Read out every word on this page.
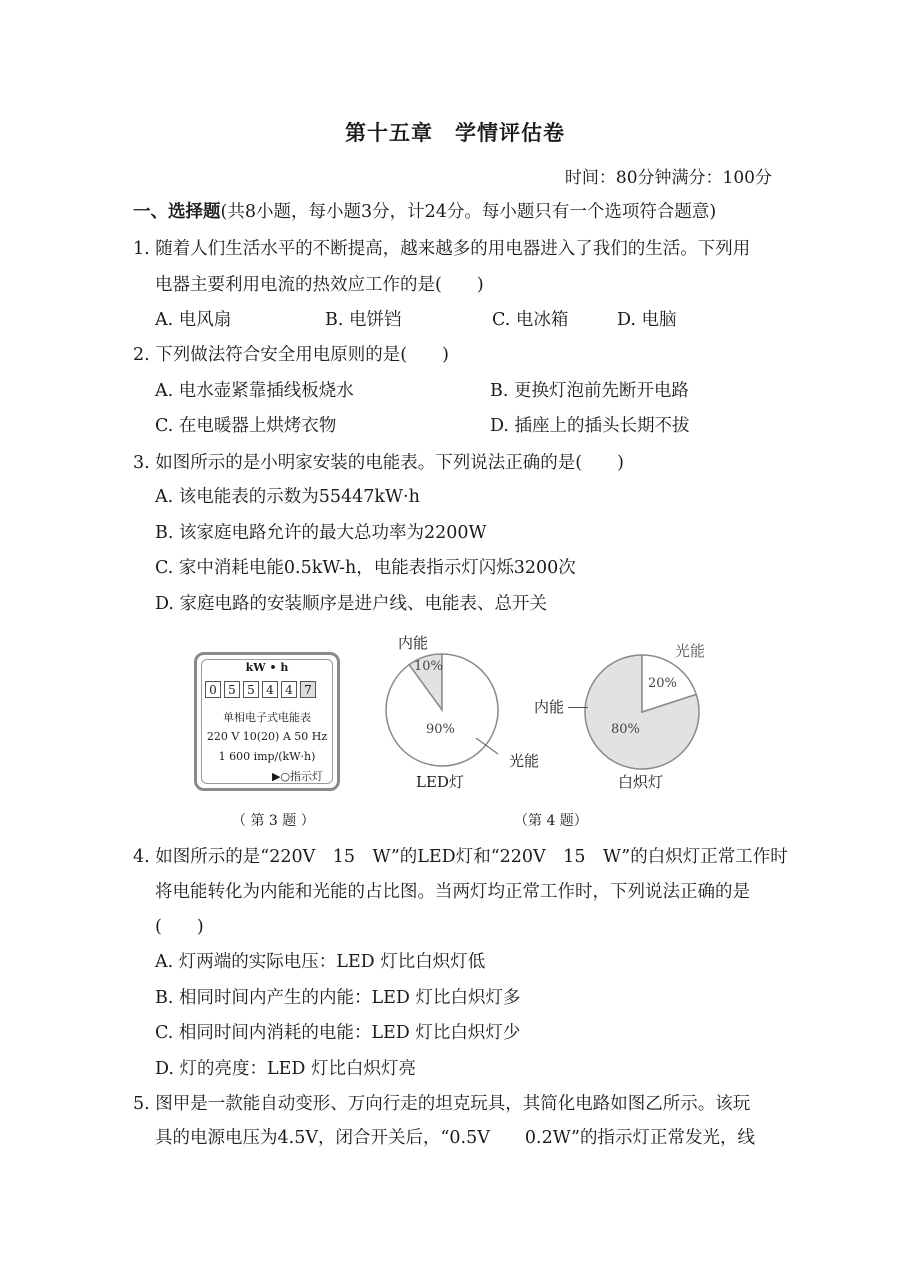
第十五章　学情评估卷
时间：80分钟满分：100分
一、选择题(共8小题，每小题3分，计24分。每小题只有一个选项符合题意)
1. 随着人们生活水平的不断提高，越来越多的用电器进入了我们的生活。下列用
电器主要利用电流的热效应工作的是(　　)
A. 电风扇	B. 电饼铛	C. 电冰箱	D. 电脑
2. 下列做法符合安全用电原则的是(　　)
A. 电水壶紧靠插线板烧水	B. 更换灯泡前先断开电路
C. 在电暖器上烘烤衣物	D. 插座上的插头长期不拔
3. 如图所示的是小明家安装的电能表。下列说法正确的是(　　)
A. 该电能表的示数为55447kW·h
B. 该家庭电路允许的最大总功率为2200W
C. 家中消耗电能0.5kW-h，电能表指示灯闪烁3200次
D. 家庭电路的安装顺序是进户线、电能表、总开关
kW • h
0 5 5 4 4 7
单相电子式电能表
220 V 10(20) A 50 Hz
1 600 imp/(kW·h)
▶○指示灯
内能
10%
90%
光能
LED灯
光能
20%
80%
内能
白炽灯
（ 第 3 题 ）	（第 4 题）
4. 如图所示的是“220V　15　W”的LED灯和“220V　15　W”的白炽灯正常工作时
将电能转化为内能和光能的占比图。当两灯均正常工作时，下列说法正确的是
(　　)
A. 灯两端的实际电压：LED 灯比白炽灯低
B. 相同时间内产生的内能：LED 灯比白炽灯多
C. 相同时间内消耗的电能：LED 灯比白炽灯少
D. 灯的亮度：LED 灯比白炽灯亮
5. 图甲是一款能自动变形、万向行走的坦克玩具，其简化电路如图乙所示。该玩
具的电源电压为4.5V，闭合开关后，“0.5V　　0.2W”的指示灯正常发光，线
